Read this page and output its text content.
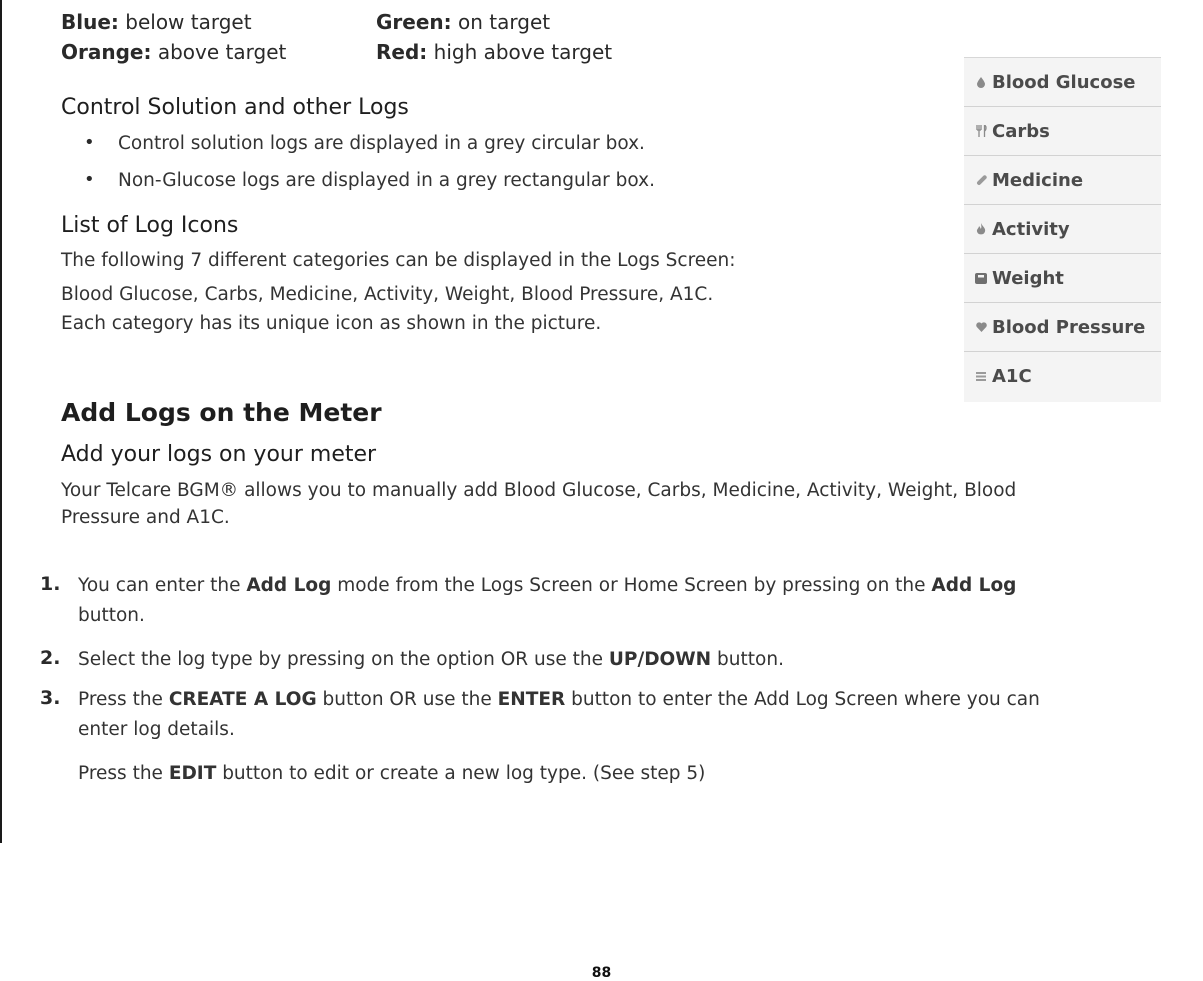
Blue: below target	Green: on target
Orange: above target	Red: high above target
Control Solution and other Logs
• Control solution logs are displayed in a grey circular box.
• Non-Glucose logs are displayed in a grey rectangular box.
List of Log Icons
The following 7 different categories can be displayed in the Logs Screen:
Blood Glucose, Carbs, Medicine, Activity, Weight, Blood Pressure, A1C.
Each category has its unique icon as shown in the picture.
Blood Glucose
Carbs
Medicine
Activity
Weight
Blood Pressure
A1C
Add Logs on the Meter
Add your logs on your meter
Your Telcare BGM® allows you to manually add Blood Glucose, Carbs, Medicine, Activity, Weight, Blood
Pressure and A1C.
1. You can enter the Add Log mode from the Logs Screen or Home Screen by pressing on the Add Log
button.
2. Select the log type by pressing on the option OR use the UP/DOWN button.
3. Press the CREATE A LOG button OR use the ENTER button to enter the Add Log Screen where you can
enter log details.
Press the EDIT button to edit or create a new log type. (See step 5)
88
